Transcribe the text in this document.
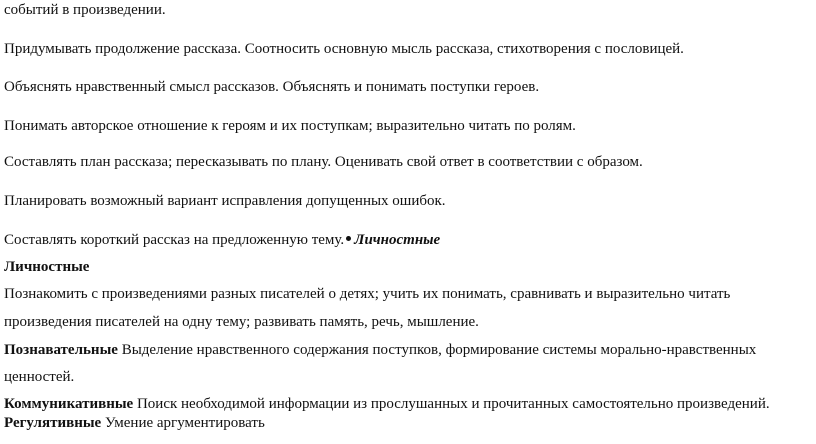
событий в произведении.
Придумывать продолжение рассказа. Соотносить основную мысль рассказа, стихотворения с пословицей.
Объяснять нравственный смысл рассказов. Объяснять и понимать поступки героев.
Понимать авторское отношение к героям и их поступкам; выразительно читать по ролям.
Составлять план рассказа; пересказывать по плану. Оценивать свой ответ в соответствии с образом.
Планировать возможный вариант исправления допущенных ошибок.
Составлять короткий рассказ на предложенную тему. Личностные
Личностные
Познакомить с произведениями разных писателей о детях; учить их понимать, сравнивать и выразительно читать
произведения писателей на одну тему; развивать память, речь, мышление.
Познавательные Выделение нравственного содержания поступков, формирование системы морально-нравственных
ценностей.
Коммуникативные Поиск необходимой информации из прослушанных и прочитанных самостоятельно произведений.
Регулятивные Умение аргументировать
